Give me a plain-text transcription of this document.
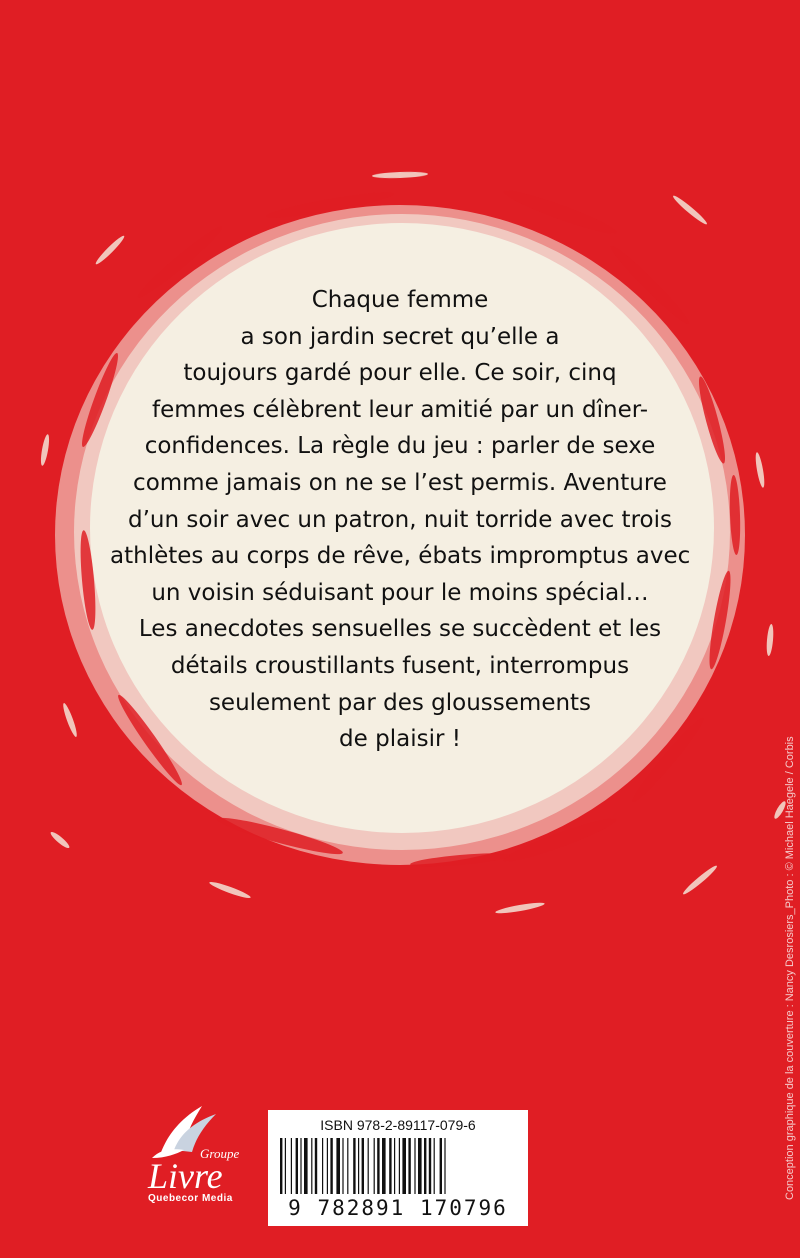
Chaque femme
a son jardin secret qu’elle a
toujours gardé pour elle. Ce soir, cinq
femmes célèbrent leur amitié par un dîner-
confidences. La règle du jeu : parler de sexe
comme jamais on ne se l’est permis. Aventure
d’un soir avec un patron, nuit torride avec trois
athlètes au corps de rêve, ébats impromptus avec
un voisin séduisant pour le moins spécial…
Les anecdotes sensuelles se succèdent et les
détails croustillants fusent, interrompus
seulement par des gloussements
de plaisir !	Conception graphique de la couverture : Nancy Desrosiers_Photo : © Michael Haegele / Corbis
Groupe
Livre
Quebecor Media
ISBN 978-2-89117-079-6
9 782891 170796
